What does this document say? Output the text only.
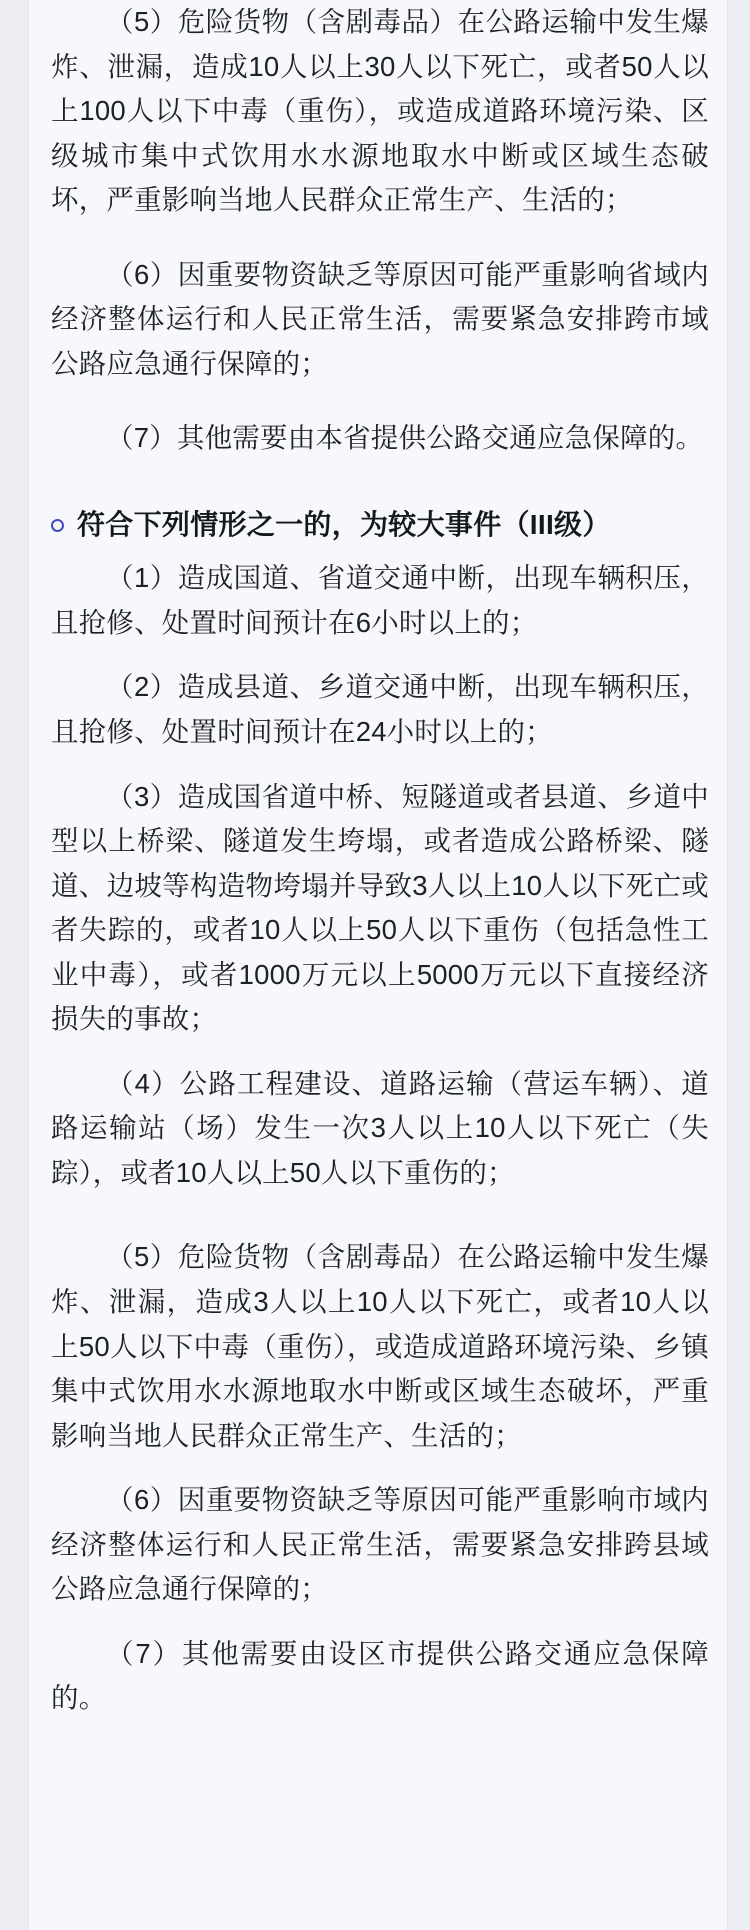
（5）危险货物（含剧毒品）在公路运输中发生爆炸、泄漏，造成10人以上30人以下死亡，或者50人以上100人以下中毒（重伤），或造成道路环境污染、区级城市集中式饮用水水源地取水中断或区域生态破坏，严重影响当地人民群众正常生产、生活的；

（6）因重要物资缺乏等原因可能严重影响省域内经济整体运行和人民正常生活，需要紧急安排跨市域公路应急通行保障的；

（7）其他需要由本省提供公路交通应急保障的。

符合下列情形之一的，为较大事件（III级）

（1）造成国道、省道交通中断，出现车辆积压，且抢修、处置时间预计在6小时以上的；

（2）造成县道、乡道交通中断，出现车辆积压，且抢修、处置时间预计在24小时以上的；

（3）造成国省道中桥、短隧道或者县道、乡道中型以上桥梁、隧道发生垮塌，或者造成公路桥梁、隧道、边坡等构造物垮塌并导致3人以上10人以下死亡或者失踪的，或者10人以上50人以下重伤（包括急性工业中毒），或者1000万元以上5000万元以下直接经济损失的事故；

（4）公路工程建设、道路运输（营运车辆）、道路运输站（场）发生一次3人以上10人以下死亡（失踪），或者10人以上50人以下重伤的；

（5）危险货物（含剧毒品）在公路运输中发生爆炸、泄漏，造成3人以上10人以下死亡，或者10人以上50人以下中毒（重伤），或造成道路环境污染、乡镇集中式饮用水水源地取水中断或区域生态破坏，严重影响当地人民群众正常生产、生活的；

（6）因重要物资缺乏等原因可能严重影响市域内经济整体运行和人民正常生活，需要紧急安排跨县域公路应急通行保障的；

（7）其他需要由设区市提供公路交通应急保障的。
